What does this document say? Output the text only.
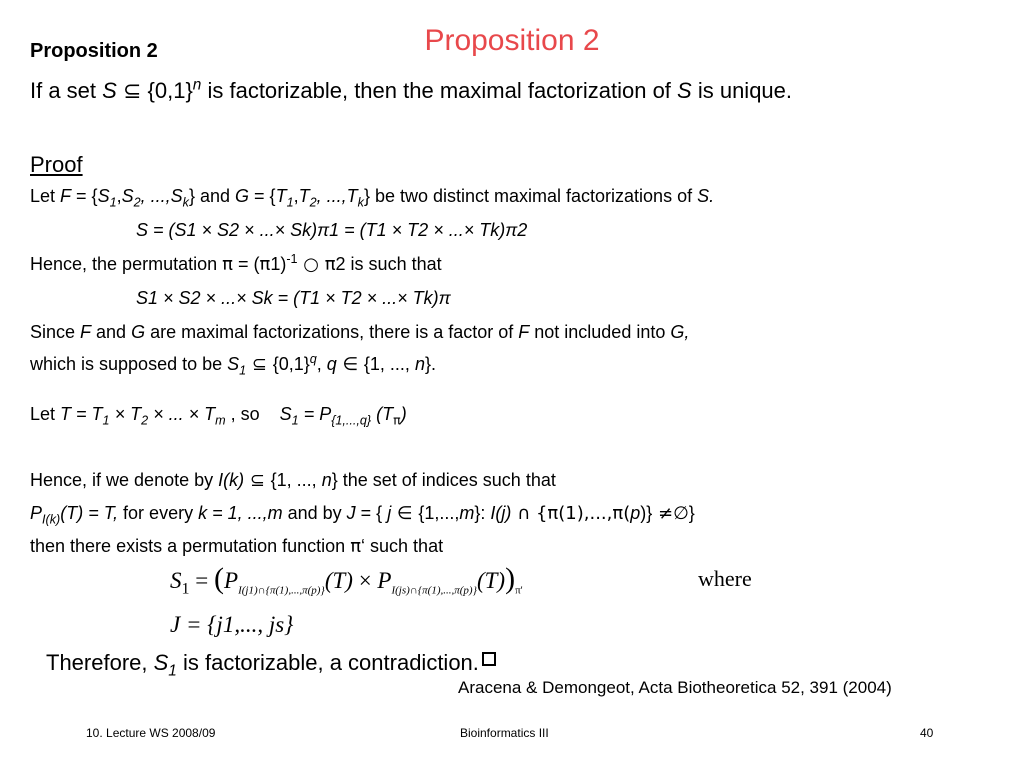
Proposition 2
Proposition 2
If a set S ⊆ $\{0,1\}^n$ is factorizable, then the maximal factorization of S is unique.
Proof
Let $F = \{S_1,S_2$, $...,S_k$} and $G = \{T_1,T_2$, $...,T_k$} be two distinct maximal factorizations of S.
S = (S1 × S2 × ...× Sk)π1 = (T1 × T2 × ...× Tk)π2
Hence, the permutation $\pi = (\pi 1)^{-1}$ ○ π2 is such that
S1 × S2 × ...× Sk = (T1 × T2 × ...× Tk)π
Since F and G are maximal factorizations, there is a factor of F not included into G,
which is supposed to be $S_1$ ⊆ $\{0,1\}^q$, q ∈ {1, ..., n}.
Let $T = T_1 \times T_2$ × ... × $T_m$ , so    $S_1 = P_{\{1,...,q\}}$ $(T_\pi)$
Hence, if we denote by I(k) ⊆ {1, ..., n} the set of indices such that
$P_{I(k)}(T) = T$, for every k = 1, ...,m and by J = { j ∈ {1,...,m}: I(j) ∩ {π(1),...,π(p)} ≠∅}
then there exists a permutation function π‘ such that
$S_1 = (P_{I(j1)\cap\{\pi(1),...,\pi(p)\}}(T) \times P_{I(js)\cap\{\pi(1),...,\pi(p)\}}(T))_{\pi'}$	where
J = {j1,..., js}
Therefore, $S_1$ is factorizable, a contradiction.
Aracena & Demongeot, Acta Biotheoretica 52, 391 (2004)
10. Lecture WS 2008/09	Bioinformatics III	40
